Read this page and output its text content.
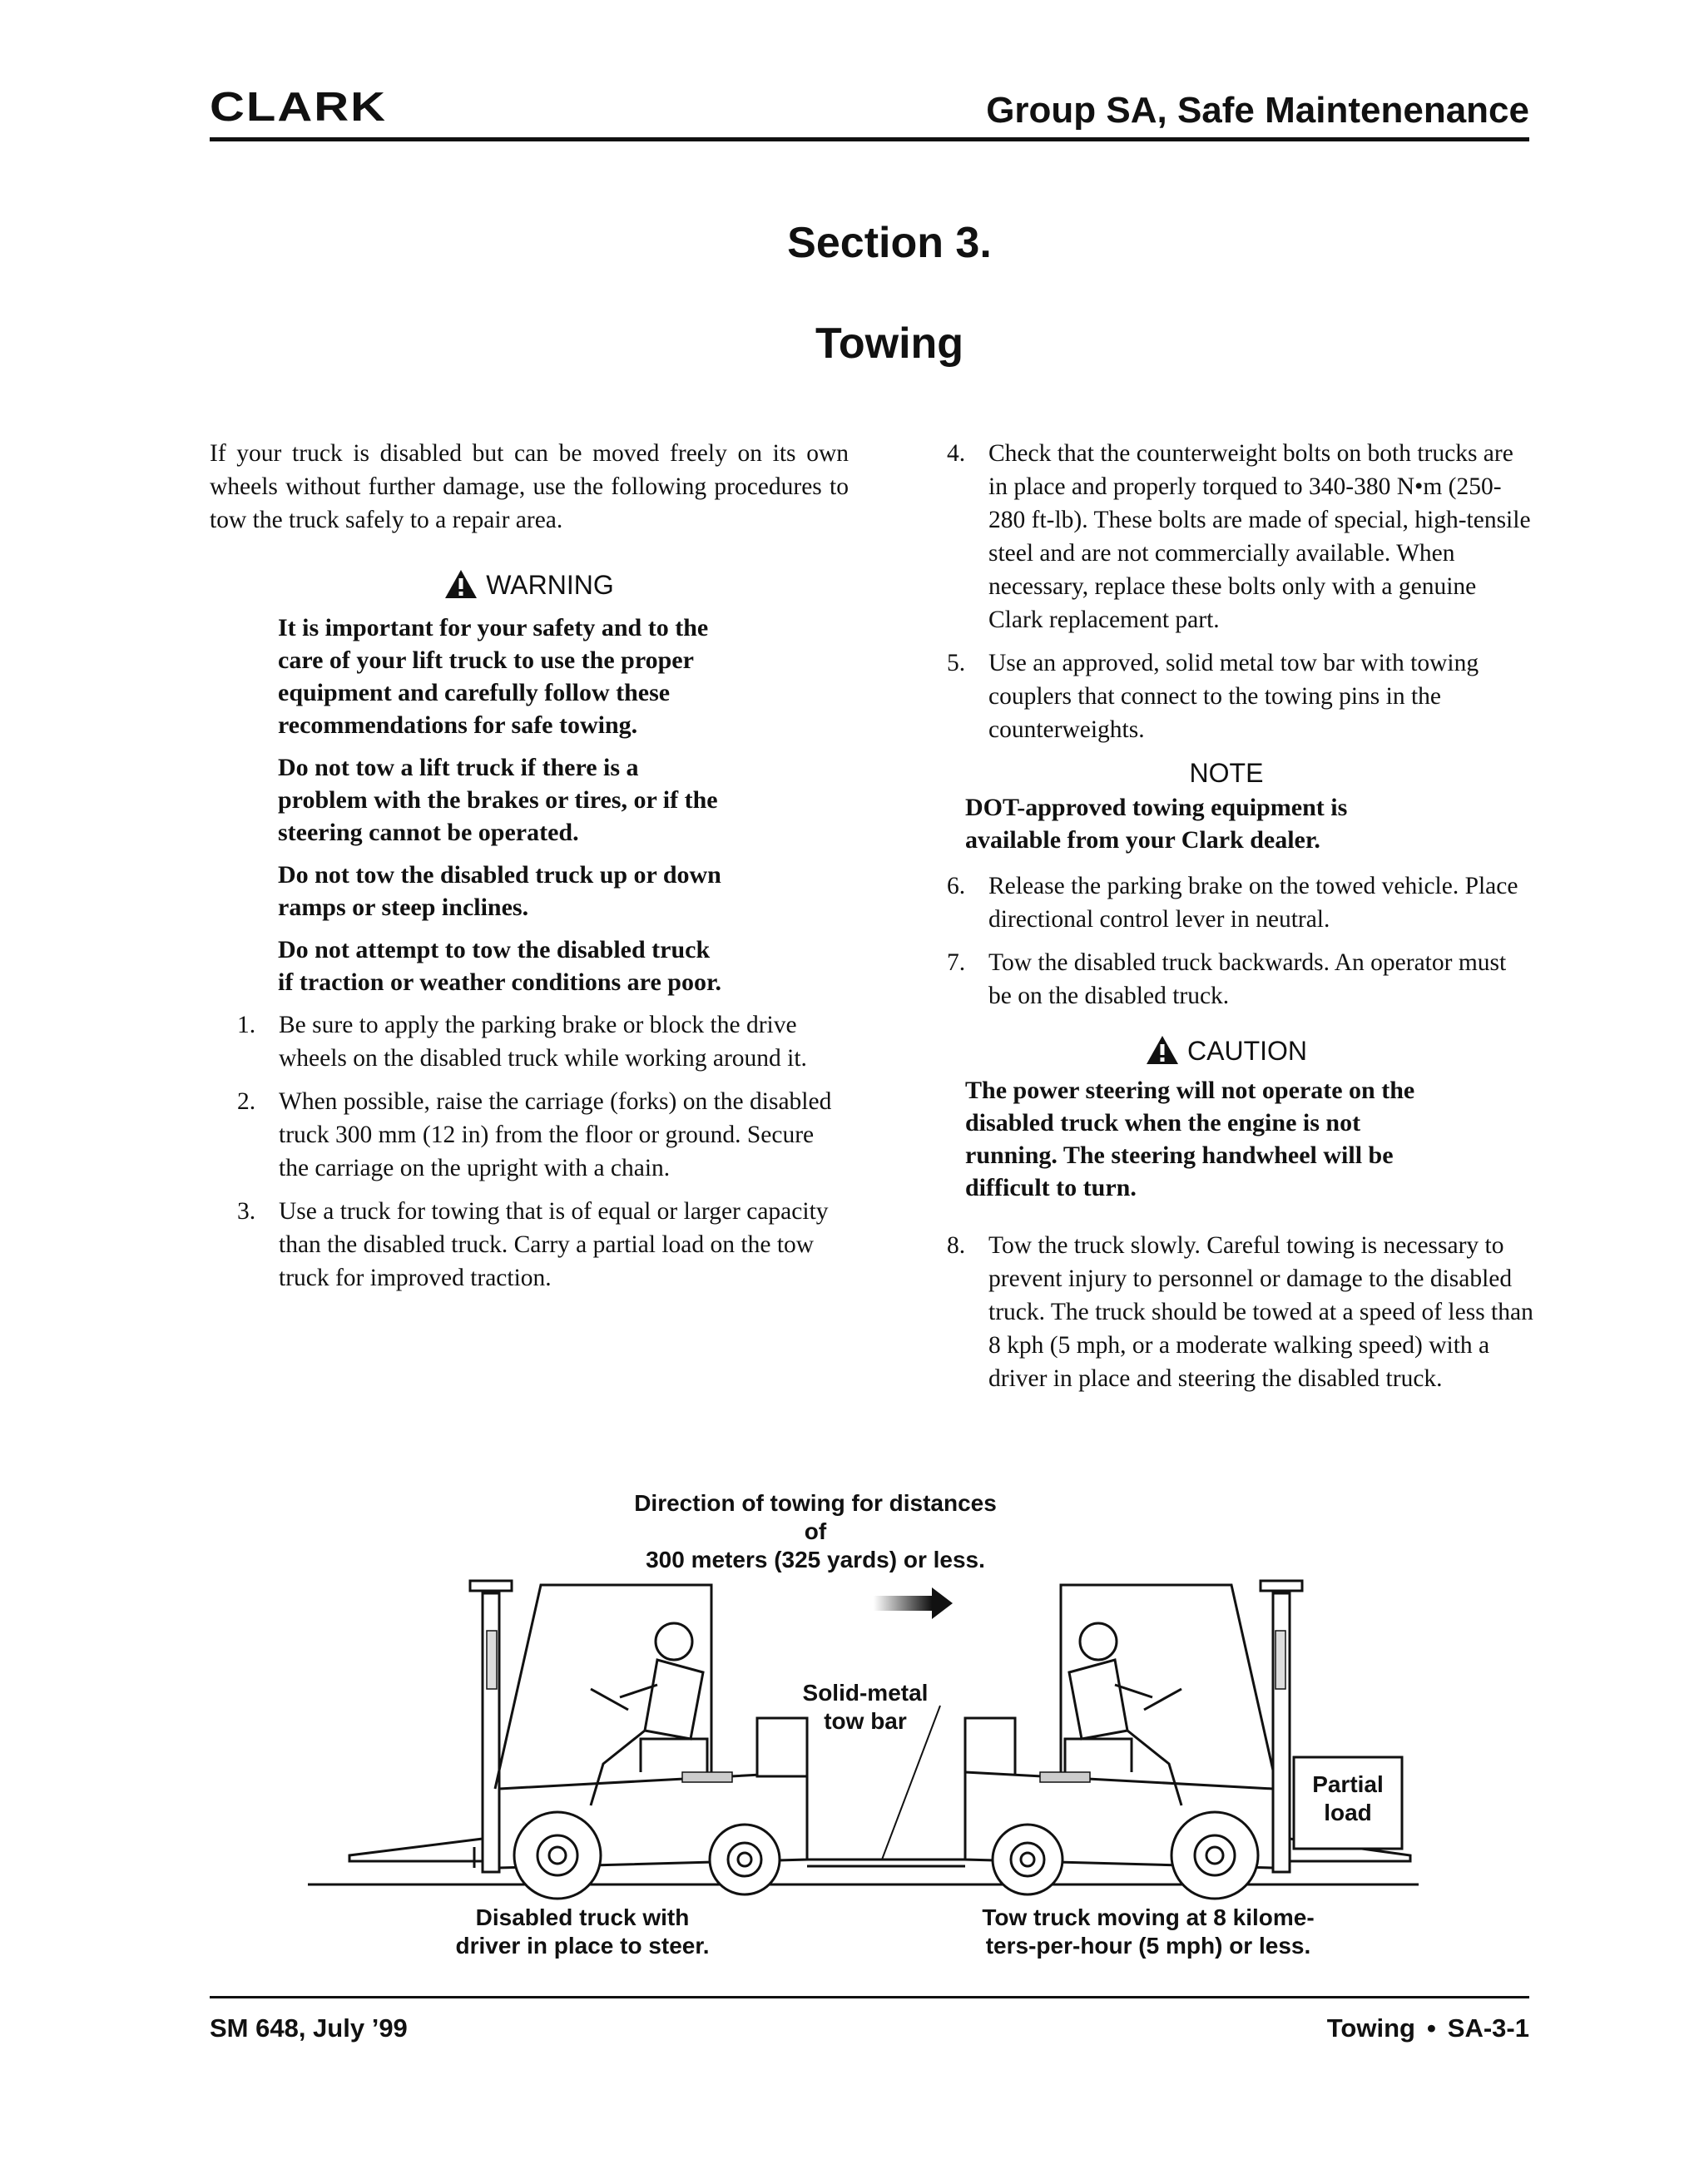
CLARK	Group SA, Safe Maintenenance
Section 3.
Towing

If your truck is disabled but can be moved freely on its own wheels without further damage, use the following procedures to tow the truck safely to a repair area.

WARNING

It is important for your safety and to the care of your lift truck to use the proper equipment and carefully follow these recommendations for safe towing.

Do not tow a lift truck if there is a problem with the brakes or tires, or if the steering cannot be operated.

Do not tow the disabled truck up or down ramps or steep inclines.

Do not attempt to tow the disabled truck if traction or weather conditions are poor.

1. Be sure to apply the parking brake or block the drive wheels on the disabled truck while working around it.
2. When possible, raise the carriage (forks) on the disabled truck 300 mm (12 in) from the floor or ground. Secure the carriage on the upright with a chain.
3. Use a truck for towing that is of equal or larger capacity than the disabled truck. Carry a partial load on the tow truck for improved traction.
4. Check that the counterweight bolts on both trucks are in place and properly torqued to 340-380 N•m (250-280 ft-lb). These bolts are made of special, high-tensile steel and are not commercially available. When necessary, replace these bolts only with a genuine Clark replacement part.
5. Use an approved, solid metal tow bar with towing couplers that connect to the towing pins in the counterweights.
NOTE
DOT-approved towing equipment is available from your Clark dealer.
6. Release the parking brake on the towed vehicle. Place directional control lever in neutral.
7. Tow the disabled truck backwards. An operator must be on the disabled truck.
CAUTION
The power steering will not operate on the disabled truck when the engine is not running. The steering handwheel will be difficult to turn.
8. Tow the truck slowly. Careful towing is necessary to prevent injury to personnel or damage to the disabled truck. The truck should be towed at a speed of less than 8 kph (5 mph, or a moderate walking speed) with a driver in place and steering the disabled truck.
Direction of towing for distances of
300 meters (325 yards) or less.
Solid-metal
tow bar
Partial
load
Disabled truck with
driver in place to steer.
Tow truck moving at 8 kilome-
ters-per-hour (5 mph) or less.
SM 648, July ’99	Towing • SA-3-1
